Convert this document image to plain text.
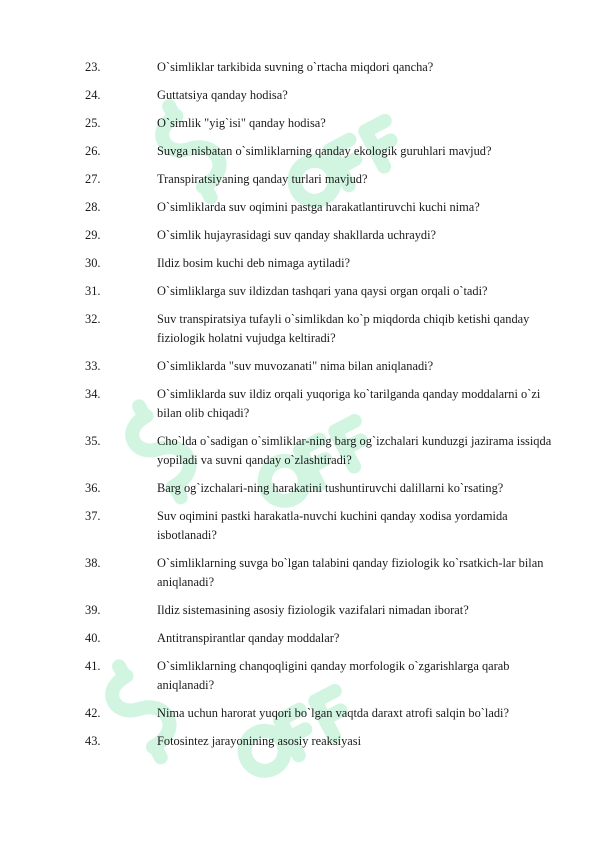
23.	O`simliklar tarkibida suvning o`rtacha miqdori qancha?
24.	Guttatsiya qanday hodisa?
25.	O`simlik "yig`isi" qanday hodisa?
26.	Suvga nisbatan o`simliklarning qanday ekologik guruhlari mavjud?
27.	Transpiratsiyaning qanday turlari mavjud?
28.	O`simliklarda suv oqimini pastga harakatlantiruvchi kuchi nima?
29.	O`simlik hujayrasidagi suv qanday shakllarda uchraydi?
30.	Ildiz bosim kuchi deb nimaga aytiladi?
31.	O`simliklarga suv ildizdan tashqari yana qaysi organ orqali o`tadi?
32.	Suv transpiratsiya tufayli o`simlikdan ko`p miqdorda chiqib ketishi qanday fiziologik holatni vujudga keltiradi?
33.	O`simliklarda "suv muvozanati" nima bilan aniqlanadi?
34.	O`simliklarda suv ildiz orqali yuqoriga ko`tarilganda qanday moddalarni o`zi bilan olib chiqadi?
35.	Cho`lda o`sadigan o`simliklar-ning barg og`izchalari kunduzgi jazirama issiqda yopiladi va suvni qanday o`zlashtiradi?
36.	Barg og`izchalari-ning harakatini tushuntiruvchi dalillarni ko`rsating?
37.	Suv oqimini pastki harakatla-nuvchi kuchini qanday xodisa yordamida isbotlanadi?
38.	O`simliklarning suvga bo`lgan talabini qanday fiziologik ko`rsatkich-lar bilan aniqlanadi?
39.	Ildiz sistemasining asosiy fiziologik vazifalari nimadan iborat?
40.	Antitranspirantlar qanday moddalar?
41.	O`simliklarning chanqoqligini qanday morfologik o`zgarishlarga qarab aniqlanadi?
42.	Nima uchun harorat yuqori bo`lgan vaqtda daraxt atrofi salqin bo`ladi?
43.	Fotosintez jarayonining asosiy reaksiyasi
